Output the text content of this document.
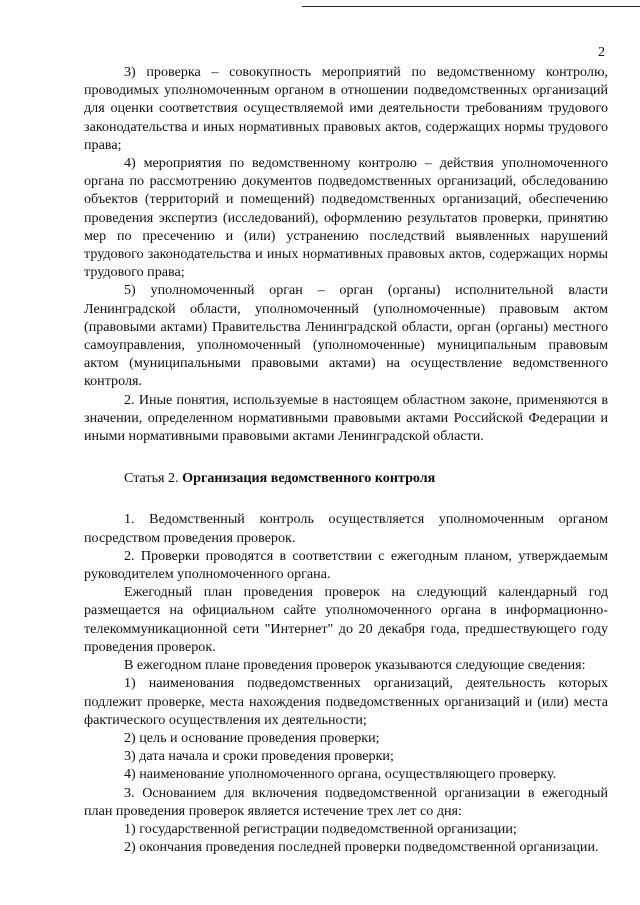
2

3) проверка – совокупность мероприятий по ведомственному контролю, проводимых уполномоченным органом в отношении подведомственных организаций для оценки соответствия осуществляемой ими деятельности требованиям трудового законодательства и иных нормативных правовых актов, содержащих нормы трудового права;

4) мероприятия по ведомственному контролю – действия уполномоченного органа по рассмотрению документов подведомственных организаций, обследованию объектов (территорий и помещений) подведомственных организаций, обеспечению проведения экспертиз (исследований), оформлению результатов проверки, принятию мер по пресечению и (или) устранению последствий выявленных нарушений трудового законодательства и иных нормативных правовых актов, содержащих нормы трудового права;

5) уполномоченный орган – орган (органы) исполнительной власти Ленинградской области, уполномоченный (уполномоченные) правовым актом (правовыми актами) Правительства Ленинградской области, орган (органы) местного самоуправления, уполномоченный (уполномоченные) муниципальным правовым актом (муниципальными правовыми актами) на осуществление ведомственного контроля.

2. Иные понятия, используемые в настоящем областном законе, применяются в значении, определенном нормативными правовыми актами Российской Федерации и иными нормативными правовыми актами Ленинградской области.

Статья 2. Организация ведомственного контроля

1. Ведомственный контроль осуществляется уполномоченным органом посредством проведения проверок.

2. Проверки проводятся в соответствии с ежегодным планом, утверждаемым руководителем уполномоченного органа.

Ежегодный план проведения проверок на следующий календарный год размещается на официальном сайте уполномоченного органа в информационно-телекоммуникационной сети "Интернет" до 20 декабря года, предшествующего году проведения проверок.

В ежегодном плане проведения проверок указываются следующие сведения:

1) наименования подведомственных организаций, деятельность которых подлежит проверке, места нахождения подведомственных организаций и (или) места фактического осуществления их деятельности;

2) цель и основание проведения проверки;

3) дата начала и сроки проведения проверки;

4) наименование уполномоченного органа, осуществляющего проверку.

3. Основанием для включения подведомственной организации в ежегодный план проведения проверок является истечение трех лет со дня:

1) государственной регистрации подведомственной организации;

2) окончания проведения последней проверки подведомственной организации.
